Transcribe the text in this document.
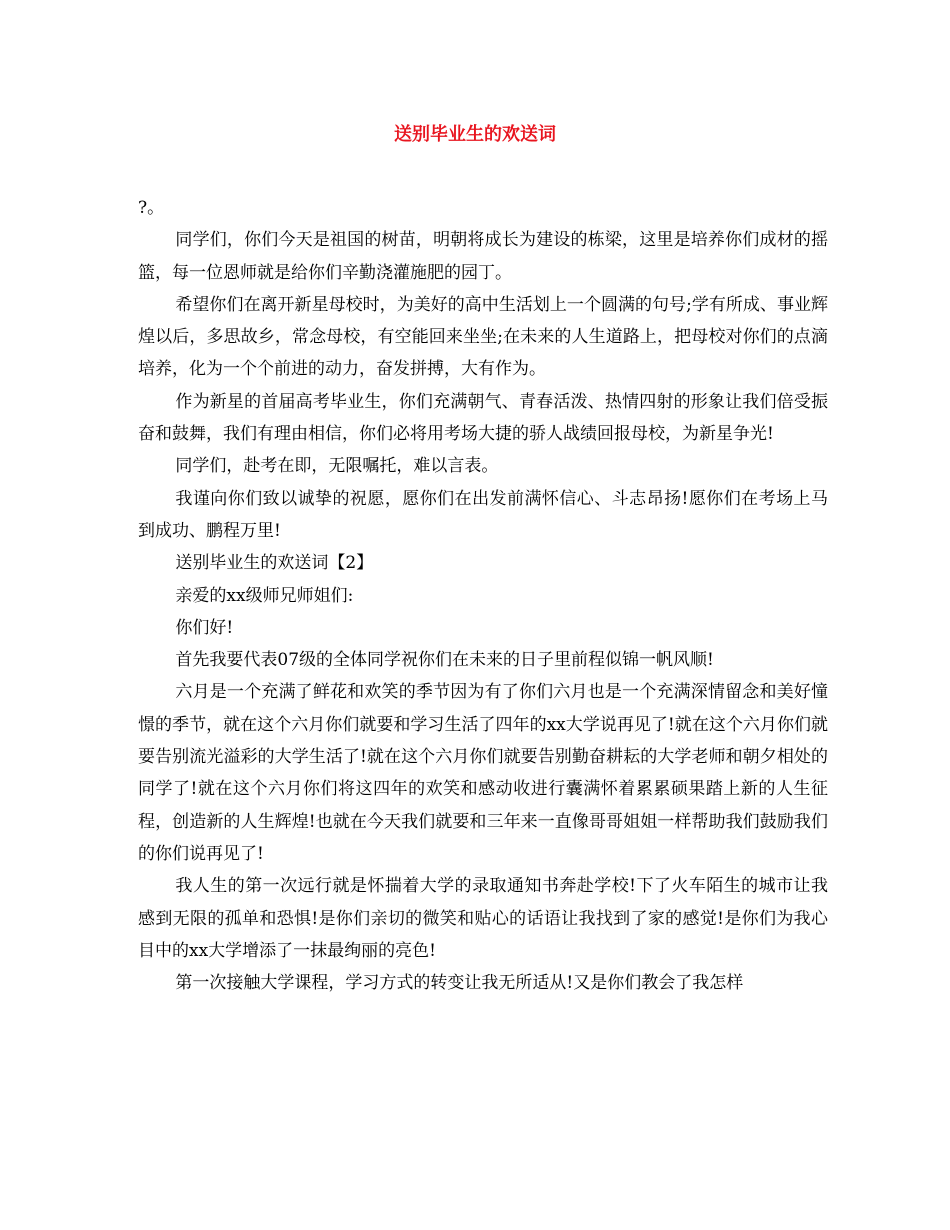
送别毕业生的欢送词

?。

同学们，你们今天是祖国的树苗，明朝将成长为建设的栋梁，这里是培养你们成材的摇篮，每一位恩师就是给你们辛勤浇灌施肥的园丁。

希望你们在离开新星母校时，为美好的高中生活划上一个圆满的句号;学有所成、事业辉煌以后，多思故乡，常念母校，有空能回来坐坐;在未来的人生道路上，把母校对你们的点滴培养，化为一个个前进的动力，奋发拼搏，大有作为。

作为新星的首届高考毕业生，你们充满朝气、青春活泼、热情四射的形象让我们倍受振奋和鼓舞，我们有理由相信，你们必将用考场大捷的骄人战绩回报母校，为新星争光!

同学们，赴考在即，无限嘱托，难以言表。

我谨向你们致以诚挚的祝愿，愿你们在出发前满怀信心、斗志昂扬!愿你们在考场上马到成功、鹏程万里!

送别毕业生的欢送词【2】

亲爱的xx级师兄师姐们:

你们好!

首先我要代表07级的全体同学祝你们在未来的日子里前程似锦一帆风顺!

六月是一个充满了鲜花和欢笑的季节因为有了你们六月也是一个充满深情留念和美好憧憬的季节，就在这个六月你们就要和学习生活了四年的xx大学说再见了!就在这个六月你们就要告别流光溢彩的大学生活了!就在这个六月你们就要告别勤奋耕耘的大学老师和朝夕相处的同学了!就在这个六月你们将这四年的欢笑和感动收进行囊满怀着累累硕果踏上新的人生征程，创造新的人生辉煌!也就在今天我们就要和三年来一直像哥哥姐姐一样帮助我们鼓励我们的你们说再见了!

我人生的第一次远行就是怀揣着大学的录取通知书奔赴学校!下了火车陌生的城市让我感到无限的孤单和恐惧!是你们亲切的微笑和贴心的话语让我找到了家的感觉!是你们为我心目中的xx大学增添了一抹最绚丽的亮色!

第一次接触大学课程，学习方式的转变让我无所适从!又是你们教会了我怎样
